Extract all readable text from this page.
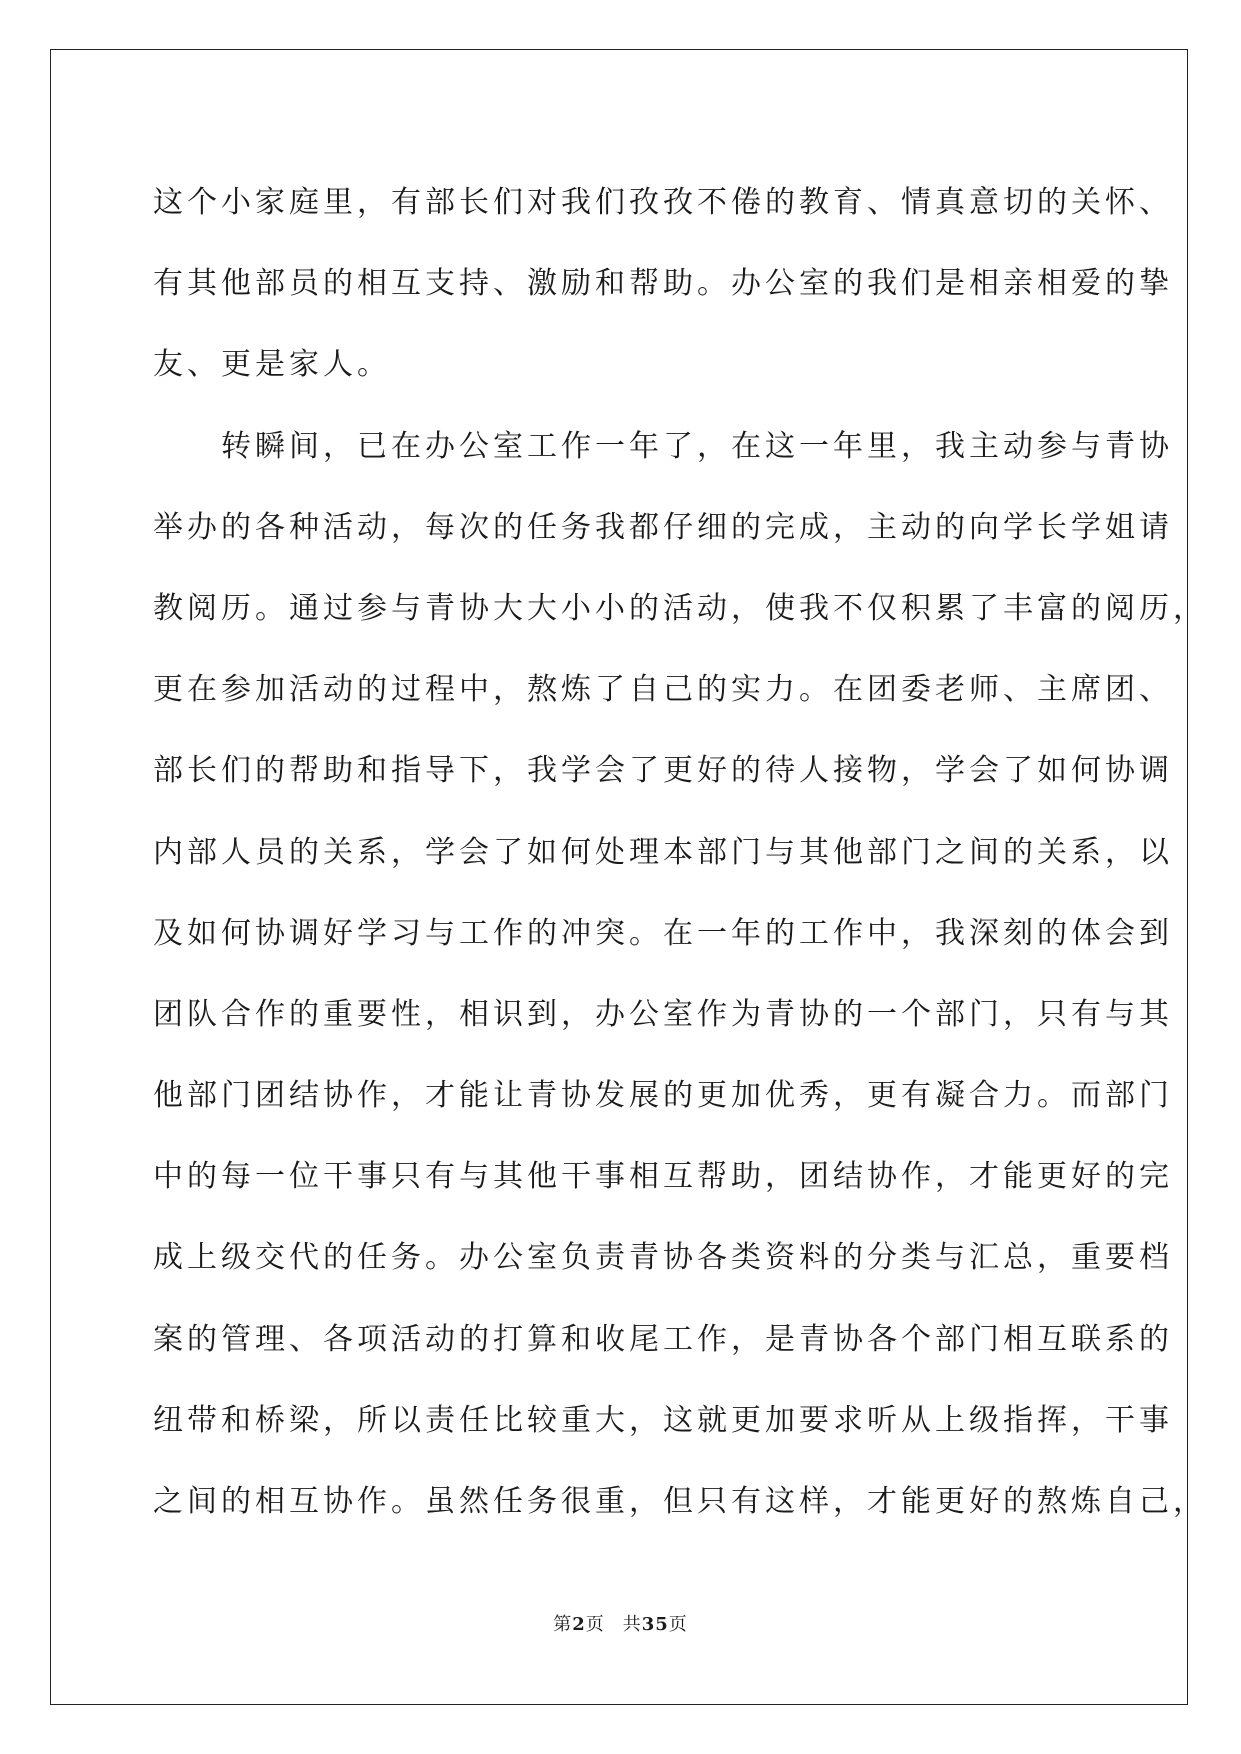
这个小家庭里，有部长们对我们孜孜不倦的教育、情真意切的关怀、
有其他部员的相互支持、激励和帮助。办公室的我们是相亲相爱的挚
友、更是家人。
　　转瞬间，已在办公室工作一年了，在这一年里，我主动参与青协
举办的各种活动，每次的任务我都仔细的完成，主动的向学长学姐请
教阅历。通过参与青协大大小小的活动，使我不仅积累了丰富的阅历，
更在参加活动的过程中，熬炼了自己的实力。在团委老师、主席团、
部长们的帮助和指导下，我学会了更好的待人接物，学会了如何协调
内部人员的关系，学会了如何处理本部门与其他部门之间的关系，以
及如何协调好学习与工作的冲突。在一年的工作中，我深刻的体会到
团队合作的重要性，相识到，办公室作为青协的一个部门，只有与其
他部门团结协作，才能让青协发展的更加优秀，更有凝合力。而部门
中的每一位干事只有与其他干事相互帮助，团结协作，才能更好的完
成上级交代的任务。办公室负责青协各类资料的分类与汇总，重要档
案的管理、各项活动的打算和收尾工作，是青协各个部门相互联系的
纽带和桥梁，所以责任比较重大，这就更加要求听从上级指挥，干事
之间的相互协作。虽然任务很重，但只有这样，才能更好的熬炼自己，
第2页 共35页
